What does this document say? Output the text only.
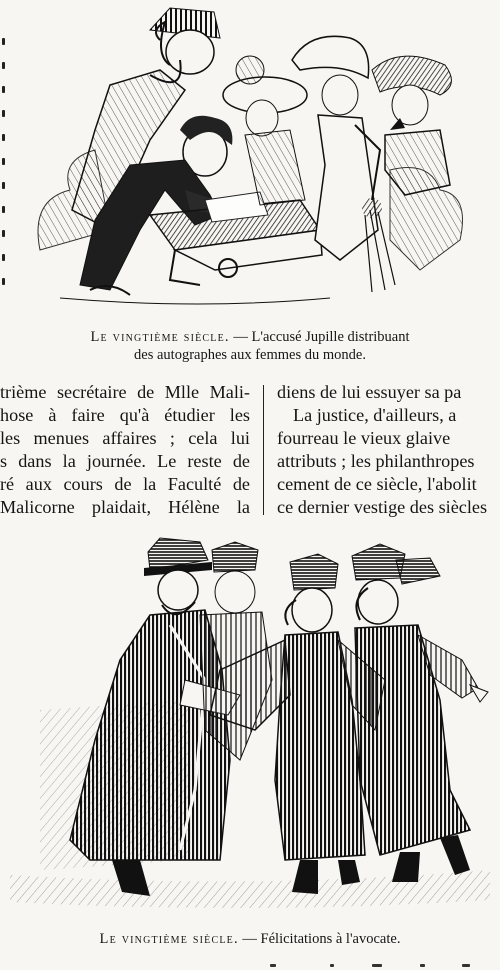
Le vingtième siècle. — L'accusé Jupille distribuant
des autographes aux femmes du monde.
trième secrétaire de Mlle Mali-
hose à faire qu'à étudier les
les menues affaires ; cela lui
s dans la journée. Le reste de
ré aux cours de la Faculté de
Malicorne plaidait, Hélène la
diens de lui essuyer sa pa
La justice, d'ailleurs, a
fourreau le vieux glaive
attributs ; les philanthropes
cement de ce siècle, l'abolit
ce dernier vestige des siècles
Le vingtième siècle. — Félicitations à l'avocate.
